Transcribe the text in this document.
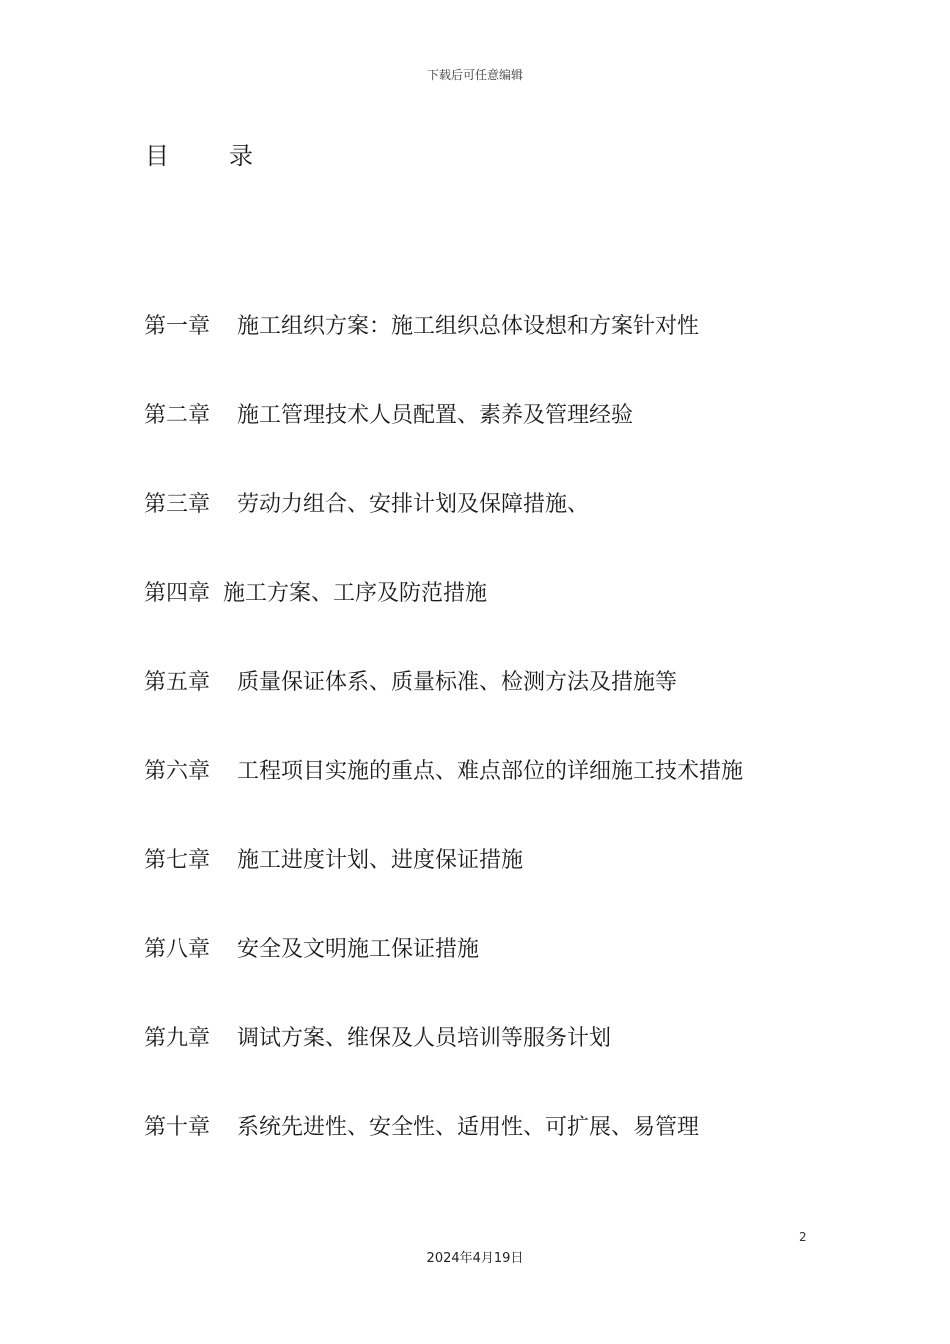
下载后可任意编辑
目	录
第一章 施工组织方案：施工组织总体设想和方案针对性
第二章 施工管理技术人员配置、素养及管理经验
第三章 劳动力组合、安排计划及保障措施、
第四章 施工方案、工序及防范措施
第五章 质量保证体系、质量标准、检测方法及措施等
第六章 工程项目实施的重点、难点部位的详细施工技术措施
第七章 施工进度计划、进度保证措施
第八章 安全及文明施工保证措施
第九章 调试方案、维保及人员培训等服务计划
第十章 系统先进性、安全性、适用性、可扩展、易管理
2
2024年4月19日
